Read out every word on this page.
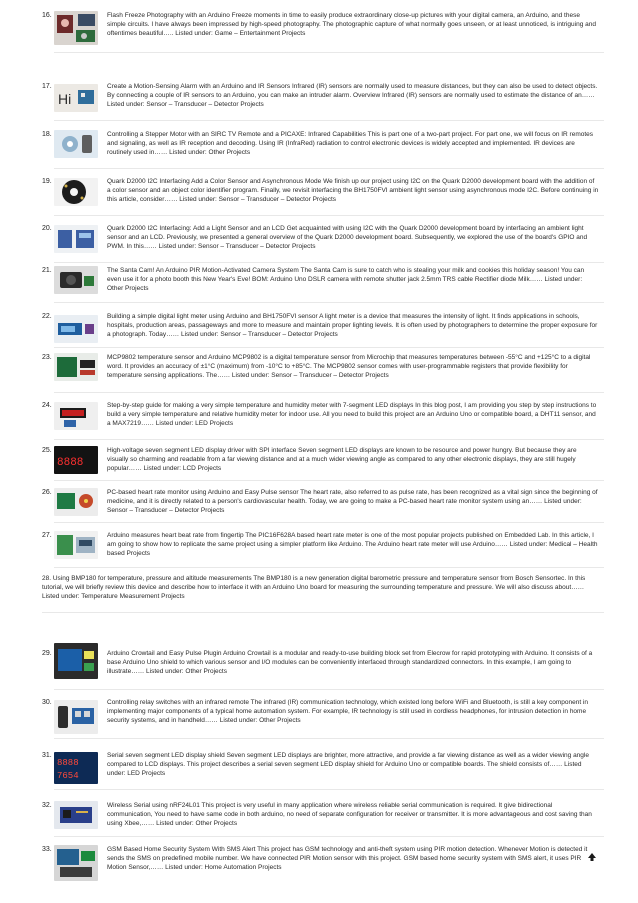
16.	Flash Freeze Photography with an Arduino Freeze moments in time to easily produce extraordinary close-up pictures with your digital camera, an Arduino, and these simple circuits. I have always been impressed by high-speed photography. The photographic capture of what normally goes unseen, or at least unnoticed, is intriguing and oftentimes beautiful….. Listed under: Game – Entertainment Projects

17.
Hi

Create a Motion-Sensing Alarm with an Arduino and IR Sensors Infrared (IR) sensors are normally used to measure distances, but they can also be used to detect objects. By connecting a couple of IR sensors to an Arduino, you can make an intruder alarm. Overview Infrared (IR) sensors are normally used to estimate the distance of an…… Listed under: Sensor – Transducer – Detector Projects

18.	Controlling a Stepper Motor with an SIRC TV Remote and a PICAXE: Infrared Capabilities This is part one of a two-part project. For part one, we will focus on IR remotes and signaling, as well as IR reception and decoding. Using IR (InfraRed) radiation to control electronic devices is widely accepted and implemented. IR devices are routinely used in…… Listed under: Other Projects

19.	Quark D2000 I2C Interfacing Add a Color Sensor and Asynchronous Mode We finish up our project using I2C on the Quark D2000 development board with the addition of a color sensor and an object color identifier program. Finally, we revisit interfacing the BH1750FVI ambient light sensor using asynchronous mode I2C. Before continuing in this article, consider…… Listed under: Sensor – Transducer – Detector Projects

20.	Quark D2000 I2C Interfacing: Add a Light Sensor and an LCD Get acquainted with using I2C with the Quark D2000 development board by interfacing an ambient light sensor and an LCD. Previously, we presented a general overview of the Quark D2000 development board. Subsequently, we explored the use of the board's GPIO and PWM. In this…… Listed under: Sensor – Transducer – Detector Projects

21.	The Santa Cam! An Arduino PIR Motion-Activated Camera System The Santa Cam is sure to catch who is stealing your milk and cookies this holiday season! You can even use it for a photo booth this New Year's Eve! BOM: Arduino Uno DSLR camera with remote shutter jack 2.5mm TRS cable Rectifier diode Milk…… Listed under: Other Projects

22.	Building a simple digital light meter using Arduino and BH1750FVI sensor A light meter is a device that measures the intensity of light. It finds applications in schools, hospitals, production areas, passageways and more to measure and maintain proper lighting levels. It is often used by photographers to determine the proper exposure for a photograph. Today…… Listed under: Sensor – Transducer – Detector Projects

23.	MCP9802 temperature sensor and Arduino MCP9802 is a digital temperature sensor from Microchip that measures temperatures between -55°C and +125°C to a digital word. It provides an accuracy of ±1°C (maximum) from -10°C to +85°C. The MCP9802 sensor comes with user-programmable registers that provide flexibility for temperature sensing applications. The…… Listed under: Sensor – Transducer – Detector Projects

24.	Step-by-step guide for making a very simple temperature and humidity meter with 7-segment LED displays In this blog post, I am providing you step by step instructions to build a very simple temperature and relative humidity meter for indoor use. All you need to build this project are an Arduino Uno or compatible board, a DHT11 sensor, and a MAX7219…… Listed under: LED Projects

25.
8888

High-voltage seven segment LED display driver with SPI interface Seven segment LED displays are known to be resource and power hungry. But because they are visually so charming and readable from a far viewing distance and at a much wider viewing angle as compared to any other electronic displays, they are still hugely popular…… Listed under: LCD Projects

26.	PC-based heart rate monitor using Arduino and Easy Pulse sensor The heart rate, also referred to as pulse rate, has been recognized as a vital sign since the beginning of medicine, and it is directly related to a person's cardiovascular health. Today, we are going to make a PC-based heart rate monitor system using an…… Listed under: Sensor – Transducer – Detector Projects

27.	Arduino measures heart beat rate from fingertip The PIC16F628A based heart rate meter is one of the most popular projects published on Embedded Lab. In this article, I am going to show how to replicate the same project using a simpler platform like Arduino. The Arduino heart rate meter will use Arduino…… Listed under: Medical – Health based Projects

28. Using BMP180 for temperature, pressure and altitude measurements The BMP180 is a new generation digital barometric pressure and temperature sensor from Bosch Sensortec. In this tutorial, we will briefly review this device and describe how to interface it with an Arduino Uno board for measuring the surrounding temperature and pressure. We will also discuss about…… Listed under: Temperature Measurement Projects

29.	Arduino Crowtail and Easy Pulse Plugin Arduino Crowtail is a modular and ready-to-use building block set from Elecrow for rapid prototyping with Arduino. It consists of a base Arduino Uno shield to which various sensor and I/O modules can be conveniently interfaced through standardized connectors. In this example, I am going to illustrate…… Listed under: Other Projects

30.	Controlling relay switches with an infrared remote The infrared (IR) communication technology, which existed long before WiFi and Bluetooth, is still a key component in implementing major components of a typical home automation system. For example, IR technology is still used in cordless headphones, for intrusion detection in home security systems, and in handheld…… Listed under: Other Projects

31.
8888
7654

Serial seven segment LED display shield Seven segment LED displays are brighter, more attractive, and provide a far viewing distance as well as a wider viewing angle compared to LCD displays. This project describes a serial seven segment LED display shield for Arduino Uno or compatible boards. The shield consists of…… Listed under: LED Projects

32.	Wireless Serial using nRF24L01 This project is very useful in many application where wireless reliable serial communication is required. It give bidirectional communication, You need to have same code in both arduino, no need of separate configuration for receiver or transmitter. It is more advantageous and cost saving than using Xbee,…… Listed under: Other Projects

33.	GSM Based Home Security System With SMS Alert This project has GSM technology and anti-theft system using PIR motion detection. Whenever Motion is detected it sends the SMS on predefined mobile number. We have connected PIR Motion sensor with this project. GSM based home security system with SMS alert, it uses PIR Motion Sensor,…… Listed under: Home Automation Projects
